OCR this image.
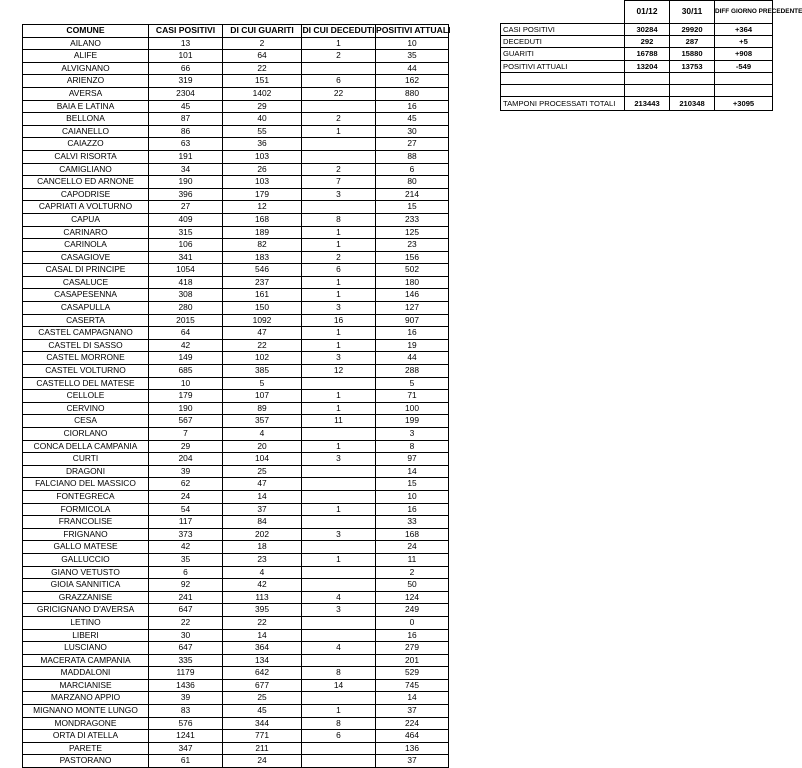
COMUNE	CASI POSITIVI	DI CUI GUARITI	DI CUI DECEDUTI	POSITIVI ATTUALI
AILANO	13	2	1	10
ALIFE	101	64	2	35
ALVIGNANO	66	22		44
ARIENZO	319	151	6	162
AVERSA	2304	1402	22	880
BAIA E LATINA	45	29		16
BELLONA	87	40	2	45
CAIANELLO	86	55	1	30
CAIAZZO	63	36		27
CALVI RISORTA	191	103		88
CAMIGLIANO	34	26	2	6
CANCELLO ED ARNONE	190	103	7	80
CAPODRISE	396	179	3	214
CAPRIATI A VOLTURNO	27	12		15
CAPUA	409	168	8	233
CARINARO	315	189	1	125
CARINOLA	106	82	1	23
CASAGIOVE	341	183	2	156
CASAL DI PRINCIPE	1054	546	6	502
CASALUCE	418	237	1	180
CASAPESENNA	308	161	1	146
CASAPULLA	280	150	3	127
CASERTA	2015	1092	16	907
CASTEL CAMPAGNANO	64	47	1	16
CASTEL DI SASSO	42	22	1	19
CASTEL MORRONE	149	102	3	44
CASTEL VOLTURNO	685	385	12	288
CASTELLO DEL MATESE	10	5		5
CELLOLE	179	107	1	71
CERVINO	190	89	1	100
CESA	567	357	11	199
CIORLANO	7	4		3
CONCA DELLA CAMPANIA	29	20	1	8
CURTI	204	104	3	97
DRAGONI	39	25		14
FALCIANO DEL MASSICO	62	47		15
FONTEGRECA	24	14		10
FORMICOLA	54	37	1	16
FRANCOLISE	117	84		33
FRIGNANO	373	202	3	168
GALLO MATESE	42	18		24
GALLUCCIO	35	23	1	11
GIANO VETUSTO	6	4		2
GIOIA SANNITICA	92	42		50
GRAZZANISE	241	113	4	124
GRICIGNANO D'AVERSA	647	395	3	249
LETINO	22	22		0
LIBERI	30	14		16
LUSCIANO	647	364	4	279
MACERATA CAMPANIA	335	134		201
MADDALONI	1179	642	8	529
MARCIANISE	1436	677	14	745
MARZANO APPIO	39	25		14
MIGNANO MONTE LUNGO	83	45	1	37
MONDRAGONE	576	344	8	224
ORTA DI ATELLA	1241	771	6	464
PARETE	347	211		136
PASTORANO	61	24		37
	01/12	30/11	DIFF GIORNO PRECEDENTE
CASI POSITIVI	30284	29920	+364
DECEDUTI	292	287	+5
GUARITI	16788	15880	+908
POSITIVI ATTUALI	13204	13753	-549

TAMPONI PROCESSATI TOTALI	213443	210348	+3095
